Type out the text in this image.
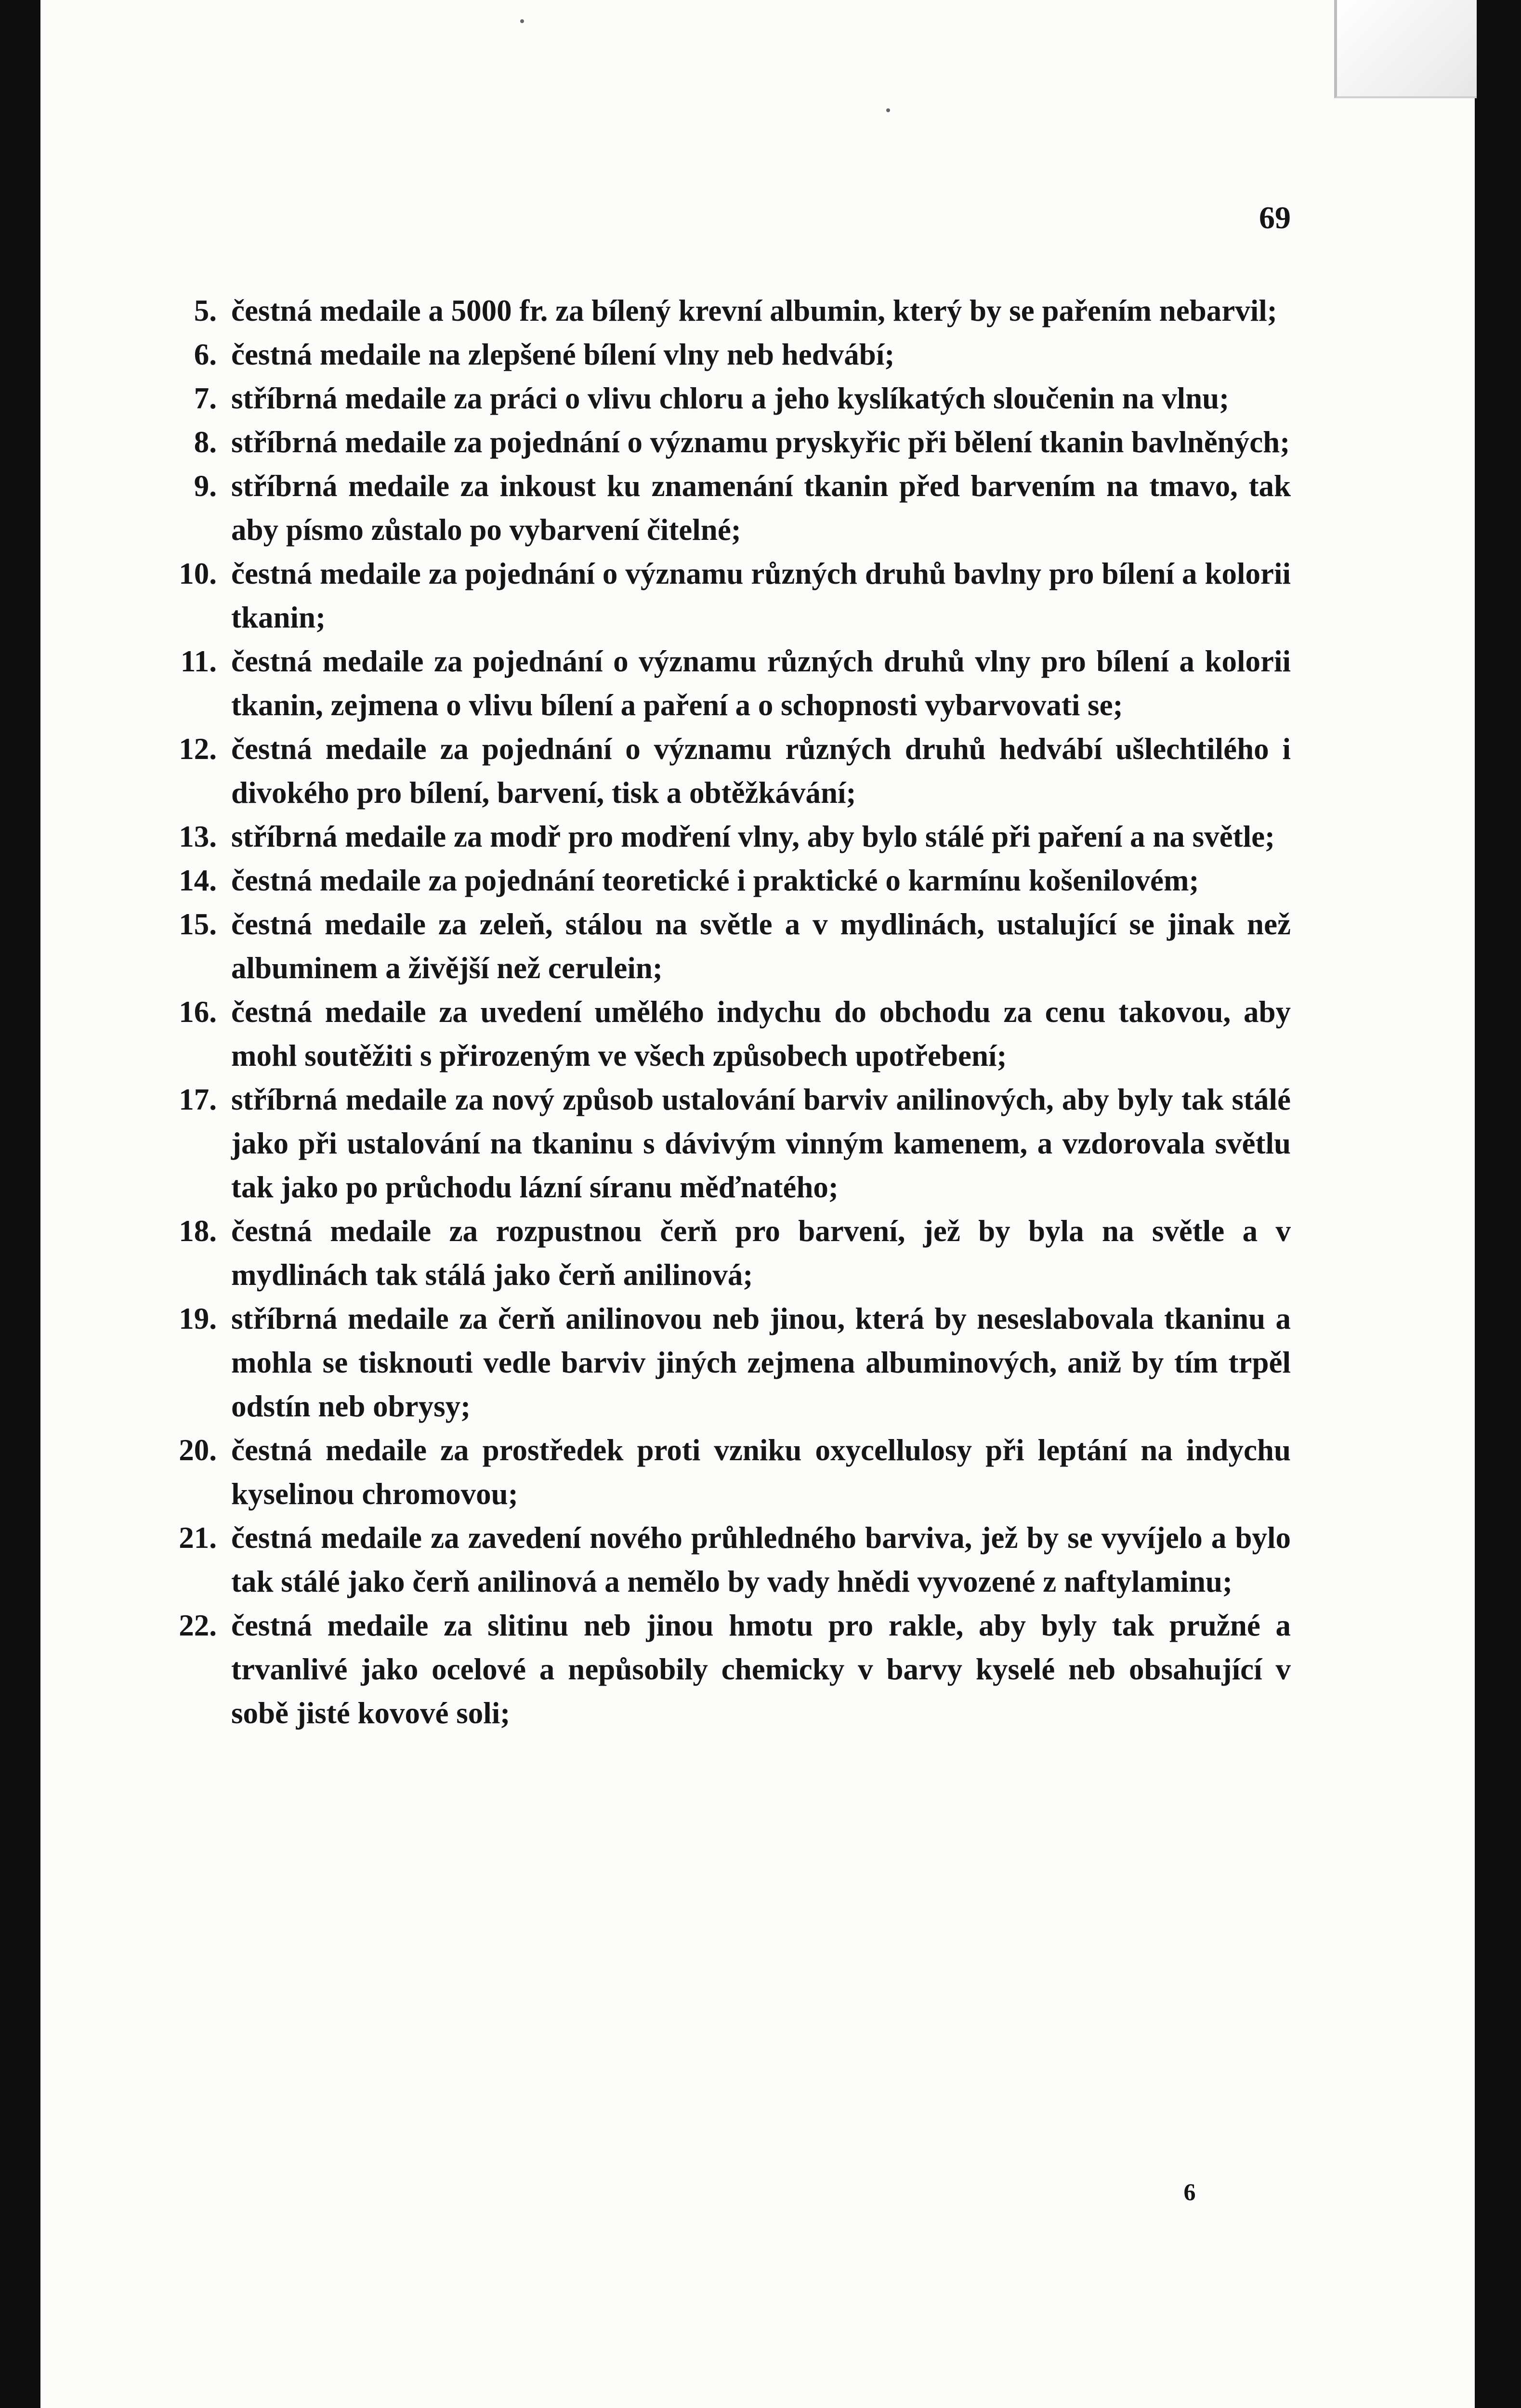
69
5. čestná medaile a 5000 fr. za bílený krevní albumin, který by se pařením nebarvil;
6. čestná medaile na zlepšené bílení vlny neb hedvábí;
7. stříbrná medaile za práci o vlivu chloru a jeho kyslíkatých sloučenin na vlnu;
8. stříbrná medaile za pojednání o významu pryskyřic při bělení tkanin bavlněných;
9. stříbrná medaile za inkoust ku znamenání tkanin před barvením na tmavo, tak aby písmo zůstalo po vybarvení čitelné;
10. čestná medaile za pojednání o významu různých druhů bavlny pro bílení a kolorii tkanin;
11. čestná medaile za pojednání o významu různých druhů vlny pro bílení a kolorii tkanin, zejmena o vlivu bílení a paření a o schopnosti vybarvovati se;
12. čestná medaile za pojednání o významu různých druhů hedvábí ušlechtilého i divokého pro bílení, barvení, tisk a obtěžkávání;
13. stříbrná medaile za modř pro modření vlny, aby bylo stálé při paření a na světle;
14. čestná medaile za pojednání teoretické i praktické o karmínu košenilovém;
15. čestná medaile za zeleň, stálou na světle a v mydlinách, ustalující se jinak než albuminem a živější než cerulein;
16. čestná medaile za uvedení umělého indychu do obchodu za cenu takovou, aby mohl soutěžiti s přirozeným ve všech způsobech upotřebení;
17. stříbrná medaile za nový způsob ustalování barviv anilinových, aby byly tak stálé jako při ustalování na tkaninu s dávivým vinným kamenem, a vzdorovala světlu tak jako po průchodu lázní síranu měďnatého;
18. čestná medaile za rozpustnou čerň pro barvení, jež by byla na světle a v mydlinách tak stálá jako čerň anilinová;
19. stříbrná medaile za čerň anilinovou neb jinou, která by neseslabovala tkaninu a mohla se tisknouti vedle barviv jiných zejmena albuminových, aniž by tím trpěl odstín neb obrysy;
20. čestná medaile za prostředek proti vzniku oxycellulosy při leptání na indychu kyselinou chromovou;
21. čestná medaile za zavedení nového průhledného barviva, jež by se vyvíjelo a bylo tak stálé jako čerň anilinová a nemělo by vady hnědi vyvozené z naftylaminu;
22. čestná medaile za slitinu neb jinou hmotu pro rakle, aby byly tak pružné a trvanlivé jako ocelové a nepůsobily chemicky v barvy kyselé neb obsahující v sobě jisté kovové soli;
6
